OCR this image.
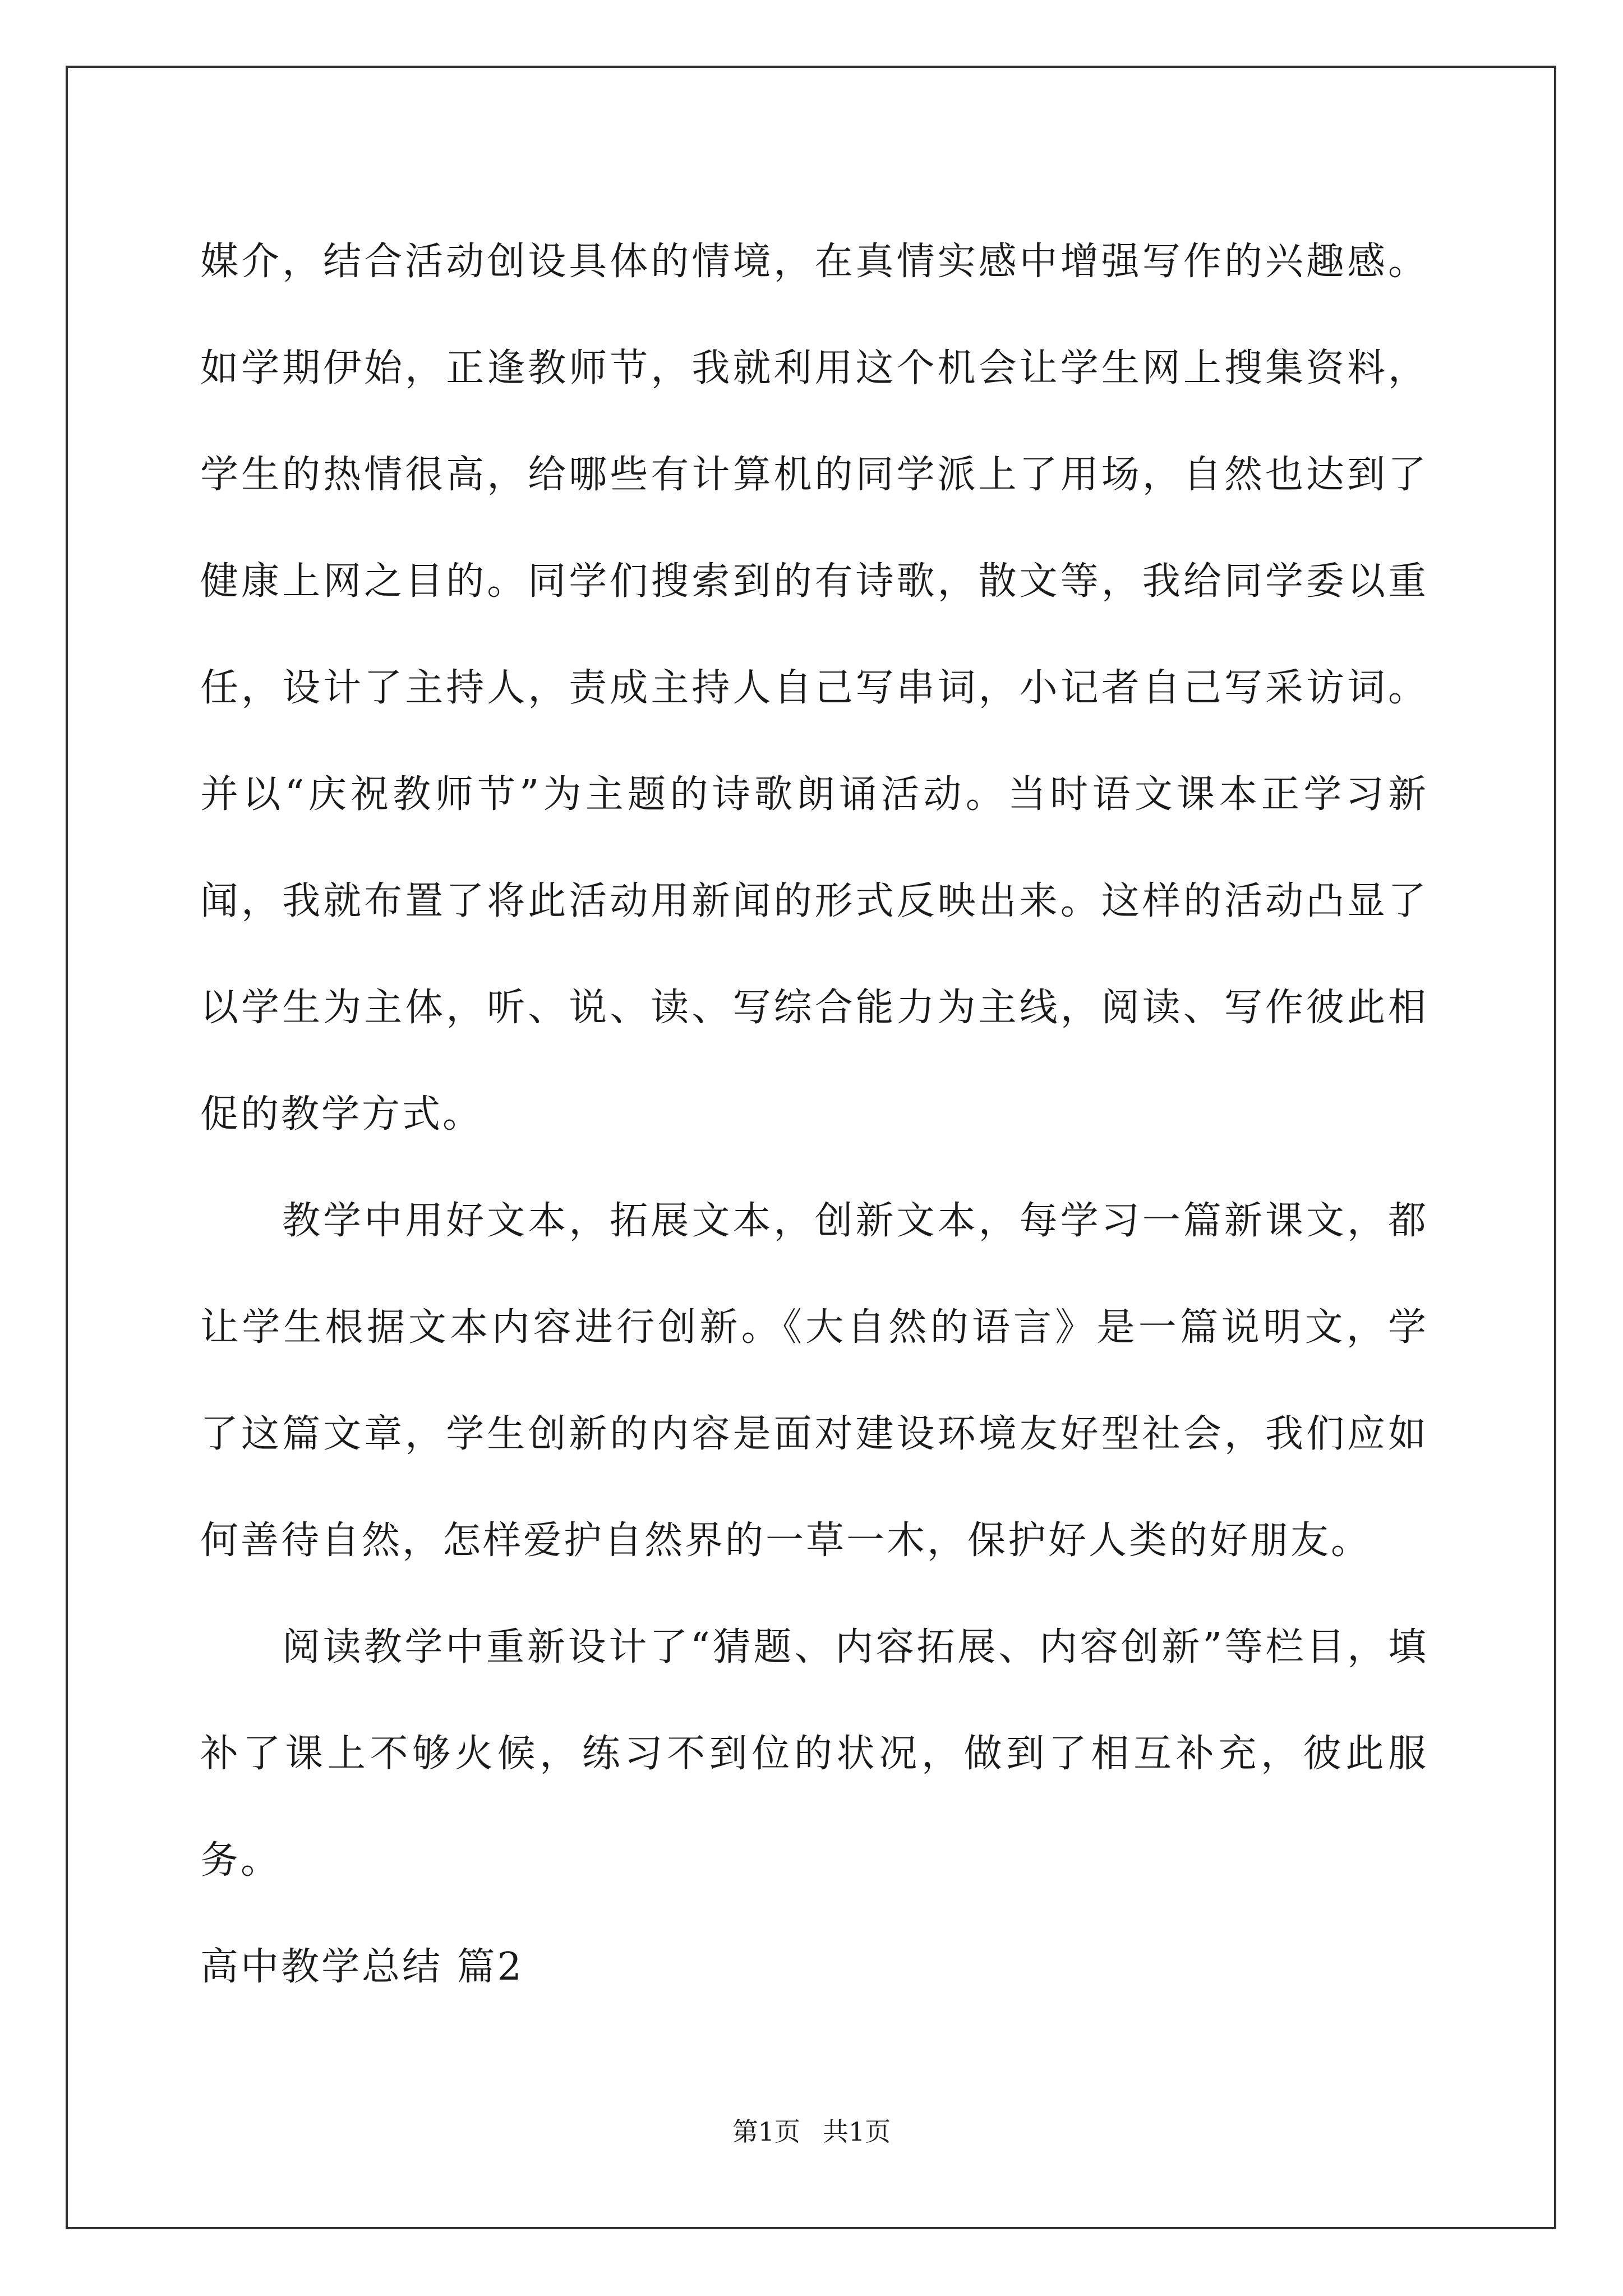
媒介，结合活动创设具体的情境，在真情实感中增强写作的兴趣感。如学期伊始，正逢教师节，我就利用这个机会让学生网上搜集资料，学生的热情很高，给哪些有计算机的同学派上了用场，自然也达到了健康上网之目的。同学们搜索到的有诗歌，散文等，我给同学委以重任，设计了主持人，责成主持人自己写串词，小记者自己写采访词。并以“庆祝教师节”为主题的诗歌朗诵活动。当时语文课本正学习新闻，我就布置了将此活动用新闻的形式反映出来。这样的活动凸显了以学生为主体，听、说、读、写综合能力为主线，阅读、写作彼此相促的教学方式。

教学中用好文本，拓展文本，创新文本，每学习一篇新课文，都让学生根据文本内容进行创新。《大自然的语言》是一篇说明文，学了这篇文章，学生创新的内容是面对建设环境友好型社会，我们应如何善待自然，怎样爱护自然界的一草一木，保护好人类的好朋友。

阅读教学中重新设计了“猜题、内容拓展、内容创新”等栏目，填补了课上不够火候，练习不到位的状况，做到了相互补充，彼此服务。

高中教学总结 篇2

第1页 共1页
